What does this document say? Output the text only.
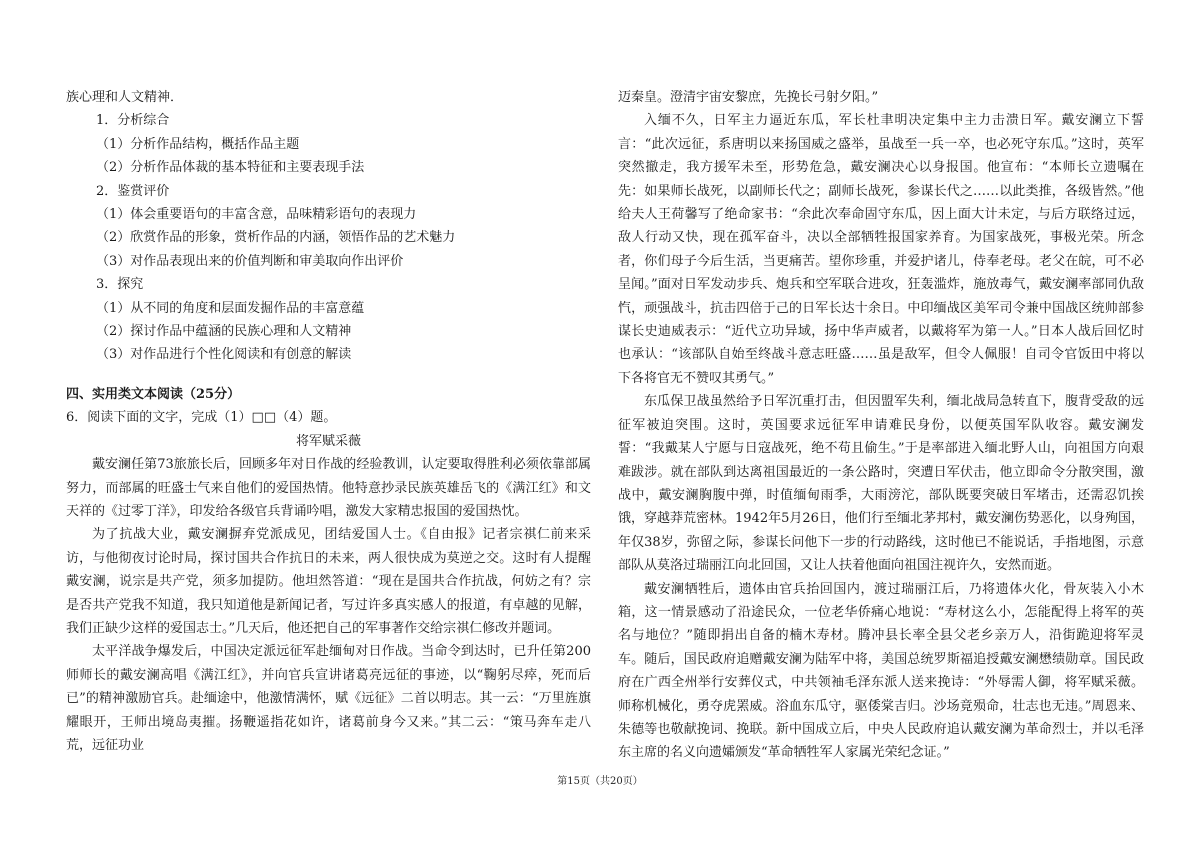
族心理和人文精神．

1．分析综合

（1）分析作品结构，概括作品主题

（2）分析作品体裁的基本特征和主要表现手法

2．鉴赏评价

（1）体会重要语句的丰富含意，品味精彩语句的表现力

（2）欣赏作品的形象，赏析作品的内涵，领悟作品的艺术魅力

（3）对作品表现出来的价值判断和审美取向作出评价

3．探究

（1）从不同的角度和层面发掘作品的丰富意蕴

（2）探讨作品中蕴涵的民族心理和人文精神

（3）对作品进行个性化阅读和有创意的解读

四、实用类文本阅读（25分）

6．阅读下面的文字，完成（1）□□（4）题。

将军赋采薇

戴安澜任第73旅旅长后，回顾多年对日作战的经验教训，认定要取得胜利必须依靠部属努力，而部属的旺盛士气来自他们的爱国热情。他特意抄录民族英雄岳飞的《满江红》和文天祥的《过零丁洋》，印发给各级官兵背诵吟唱，激发大家精忠报国的爱国热忱。

为了抗战大业，戴安澜摒弃党派成见，团结爱国人士。《自由报》记者宗祺仁前来采访，与他彻夜讨论时局，探讨国共合作抗日的未来，两人很快成为莫逆之交。这时有人提醒戴安澜，说宗是共产党，须多加提防。他坦然答道：“现在是国共合作抗战，何妨之有？宗是否共产党我不知道，我只知道他是新闻记者，写过许多真实感人的报道，有卓越的见解，我们正缺少这样的爱国志士。”几天后，他还把自己的军事著作交给宗祺仁修改并题词。

太平洋战争爆发后，中国决定派远征军赴缅甸对日作战。当命令到达时，已升任第200师师长的戴安澜高唱《满江红》，并向官兵宣讲诸葛亮远征的事迹，以“鞠躬尽瘁，死而后已”的精神激励官兵。赴缅途中，他激情满怀，赋《远征》二首以明志。其一云：“万里旌旗耀眼开，王师出境岛夷摧。扬鞭遥指花如许，诸葛前身今又来。”其二云：“策马奔车走八荒，远征功业

迈秦皇。澄清宇宙安黎庶，先挽长弓射夕阳。”

入缅不久，日军主力逼近东瓜，军长杜聿明决定集中主力击溃日军。戴安澜立下誓言：“此次远征，系唐明以来扬国威之盛举，虽战至一兵一卒，也必死守东瓜。”这时，英军突然撤走，我方援军未至，形势危急，戴安澜决心以身报国。他宣布：“本师长立遗嘱在先：如果师长战死，以副师长代之；副师长战死，参谋长代之……以此类推，各级皆然。”他给夫人王荷馨写了绝命家书：“余此次奉命固守东瓜，因上面大计未定，与后方联络过远，敌人行动又快，现在孤军奋斗，决以全部牺牲报国家养育。为国家战死，事极光荣。所念者，你们母子今后生活，当更痛苦。望你珍重，并爱护诸儿，侍奉老母。老父在皖，可不必呈闻。”面对日军发动步兵、炮兵和空军联合进攻，狂轰滥炸，施放毒气，戴安澜率部同仇敌忾，顽强战斗，抗击四倍于己的日军长达十余日。中印缅战区美军司令兼中国战区统帅部参谋长史迪威表示：“近代立功异域，扬中华声威者，以戴将军为第一人。”日本人战后回忆时也承认：“该部队自始至终战斗意志旺盛……虽是敌军，但令人佩服！自司令官饭田中将以下各将官无不赞叹其勇气。”

东瓜保卫战虽然给予日军沉重打击，但因盟军失利，缅北战局急转直下，腹背受敌的远征军被迫突围。这时，英国要求远征军申请难民身份，以便英国军队收容。戴安澜发誓：“我戴某人宁愿与日寇战死，绝不苟且偷生。”于是率部进入缅北野人山，向祖国方向艰难跋涉。就在部队到达离祖国最近的一条公路时，突遭日军伏击，他立即命令分散突围，激战中，戴安澜胸腹中弹，时值缅甸雨季，大雨滂沱，部队既要突破日军堵击，还需忍饥挨饿，穿越莽荒密林。1942年5月26日，他们行至缅北茅邦村，戴安澜伤势恶化，以身殉国，年仅38岁，弥留之际，参谋长问他下一步的行动路线，这时他已不能说话，手指地图，示意部队从莫洛过瑞丽江向北回国，又让人扶着他面向祖国注视许久，安然而逝。

戴安澜牺牲后，遗体由官兵抬回国内，渡过瑞丽江后，乃将遗体火化，骨灰装入小木箱，这一情景感动了沿途民众，一位老华侨痛心地说：“寿材这么小，怎能配得上将军的英名与地位？”随即捐出自备的楠木寿材。腾冲县长率全县父老乡亲万人，沿街跪迎将军灵车。随后，国民政府追赠戴安澜为陆军中将，美国总统罗斯福追授戴安澜懋绩勋章。国民政府在广西全州举行安葬仪式，中共领袖毛泽东派人送来挽诗：“外辱需人御，将军赋采薇。师称机械化，勇夺虎罴威。浴血东瓜守，驱倭棠吉归。沙场竟殒命，壮志也无违。”周恩来、朱德等也敬献挽词、挽联。新中国成立后，中央人民政府追认戴安澜为革命烈士，并以毛泽东主席的名义向遗孀颁发“革命牺牲军人家属光荣纪念证。”

第15页（共20页）
